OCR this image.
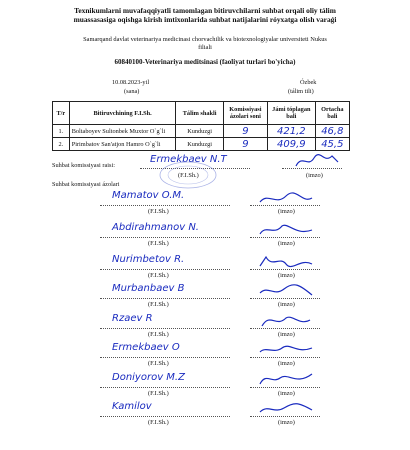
Texnikumlarni muvafaqqiyatli tamomlagan bitiruvchilarni suhbat orqali oliy tálim
muassasasiga oqishga kirish imtixonlarida suhbat natijalarini róyxatga olish varaǵi
Samarqand davlat veterinariya medicinasi chorvachilik va biotexnologiyalar universiteti Nukus
filiali
60840100-Veterinariya meditsinasi (faoliyat turlari bo'yicha)
10.08.2023-yil
(sana)
Ózbek
(tálim tili)
T/r	Bitiruvchining F.I.Sh.	Tálim shakli	Komissiyasi ázolari soni	Jámi tóplagan bali	Ortacha bali
1.	Boltaboyev Sultonbek Muxtor O`g`li	Kunduzgi	9	421,2	46,8
2.	Pirimbatov San'atjon Hamro O`g`li	Kunduzgi	9	409,9	45,5
Suhbat komissiyasi raisi:
Ermekbaev N.T
(F.I.Sh.)	(imzo)
Suhbat komissiyasi ázolari
Mamatov O.M.
(F.I.Sh.)	(imzo)
Abdirahmanov N.
(F.I.Sh.)	(imzo)
Nurimbetov R.
(F.I.Sh.)	(imzo)
Murbanbaev B
(F.I.Sh.)	(imzo)
Rzaev R
(F.I.Sh.)	(imzo)
Ermekbaev O
(F.I.Sh.)	(imzo)
Doniyorov M.Z
(F.I.Sh.)	(imzo)
Kamilov
(F.I.Sh.)	(imzo)
